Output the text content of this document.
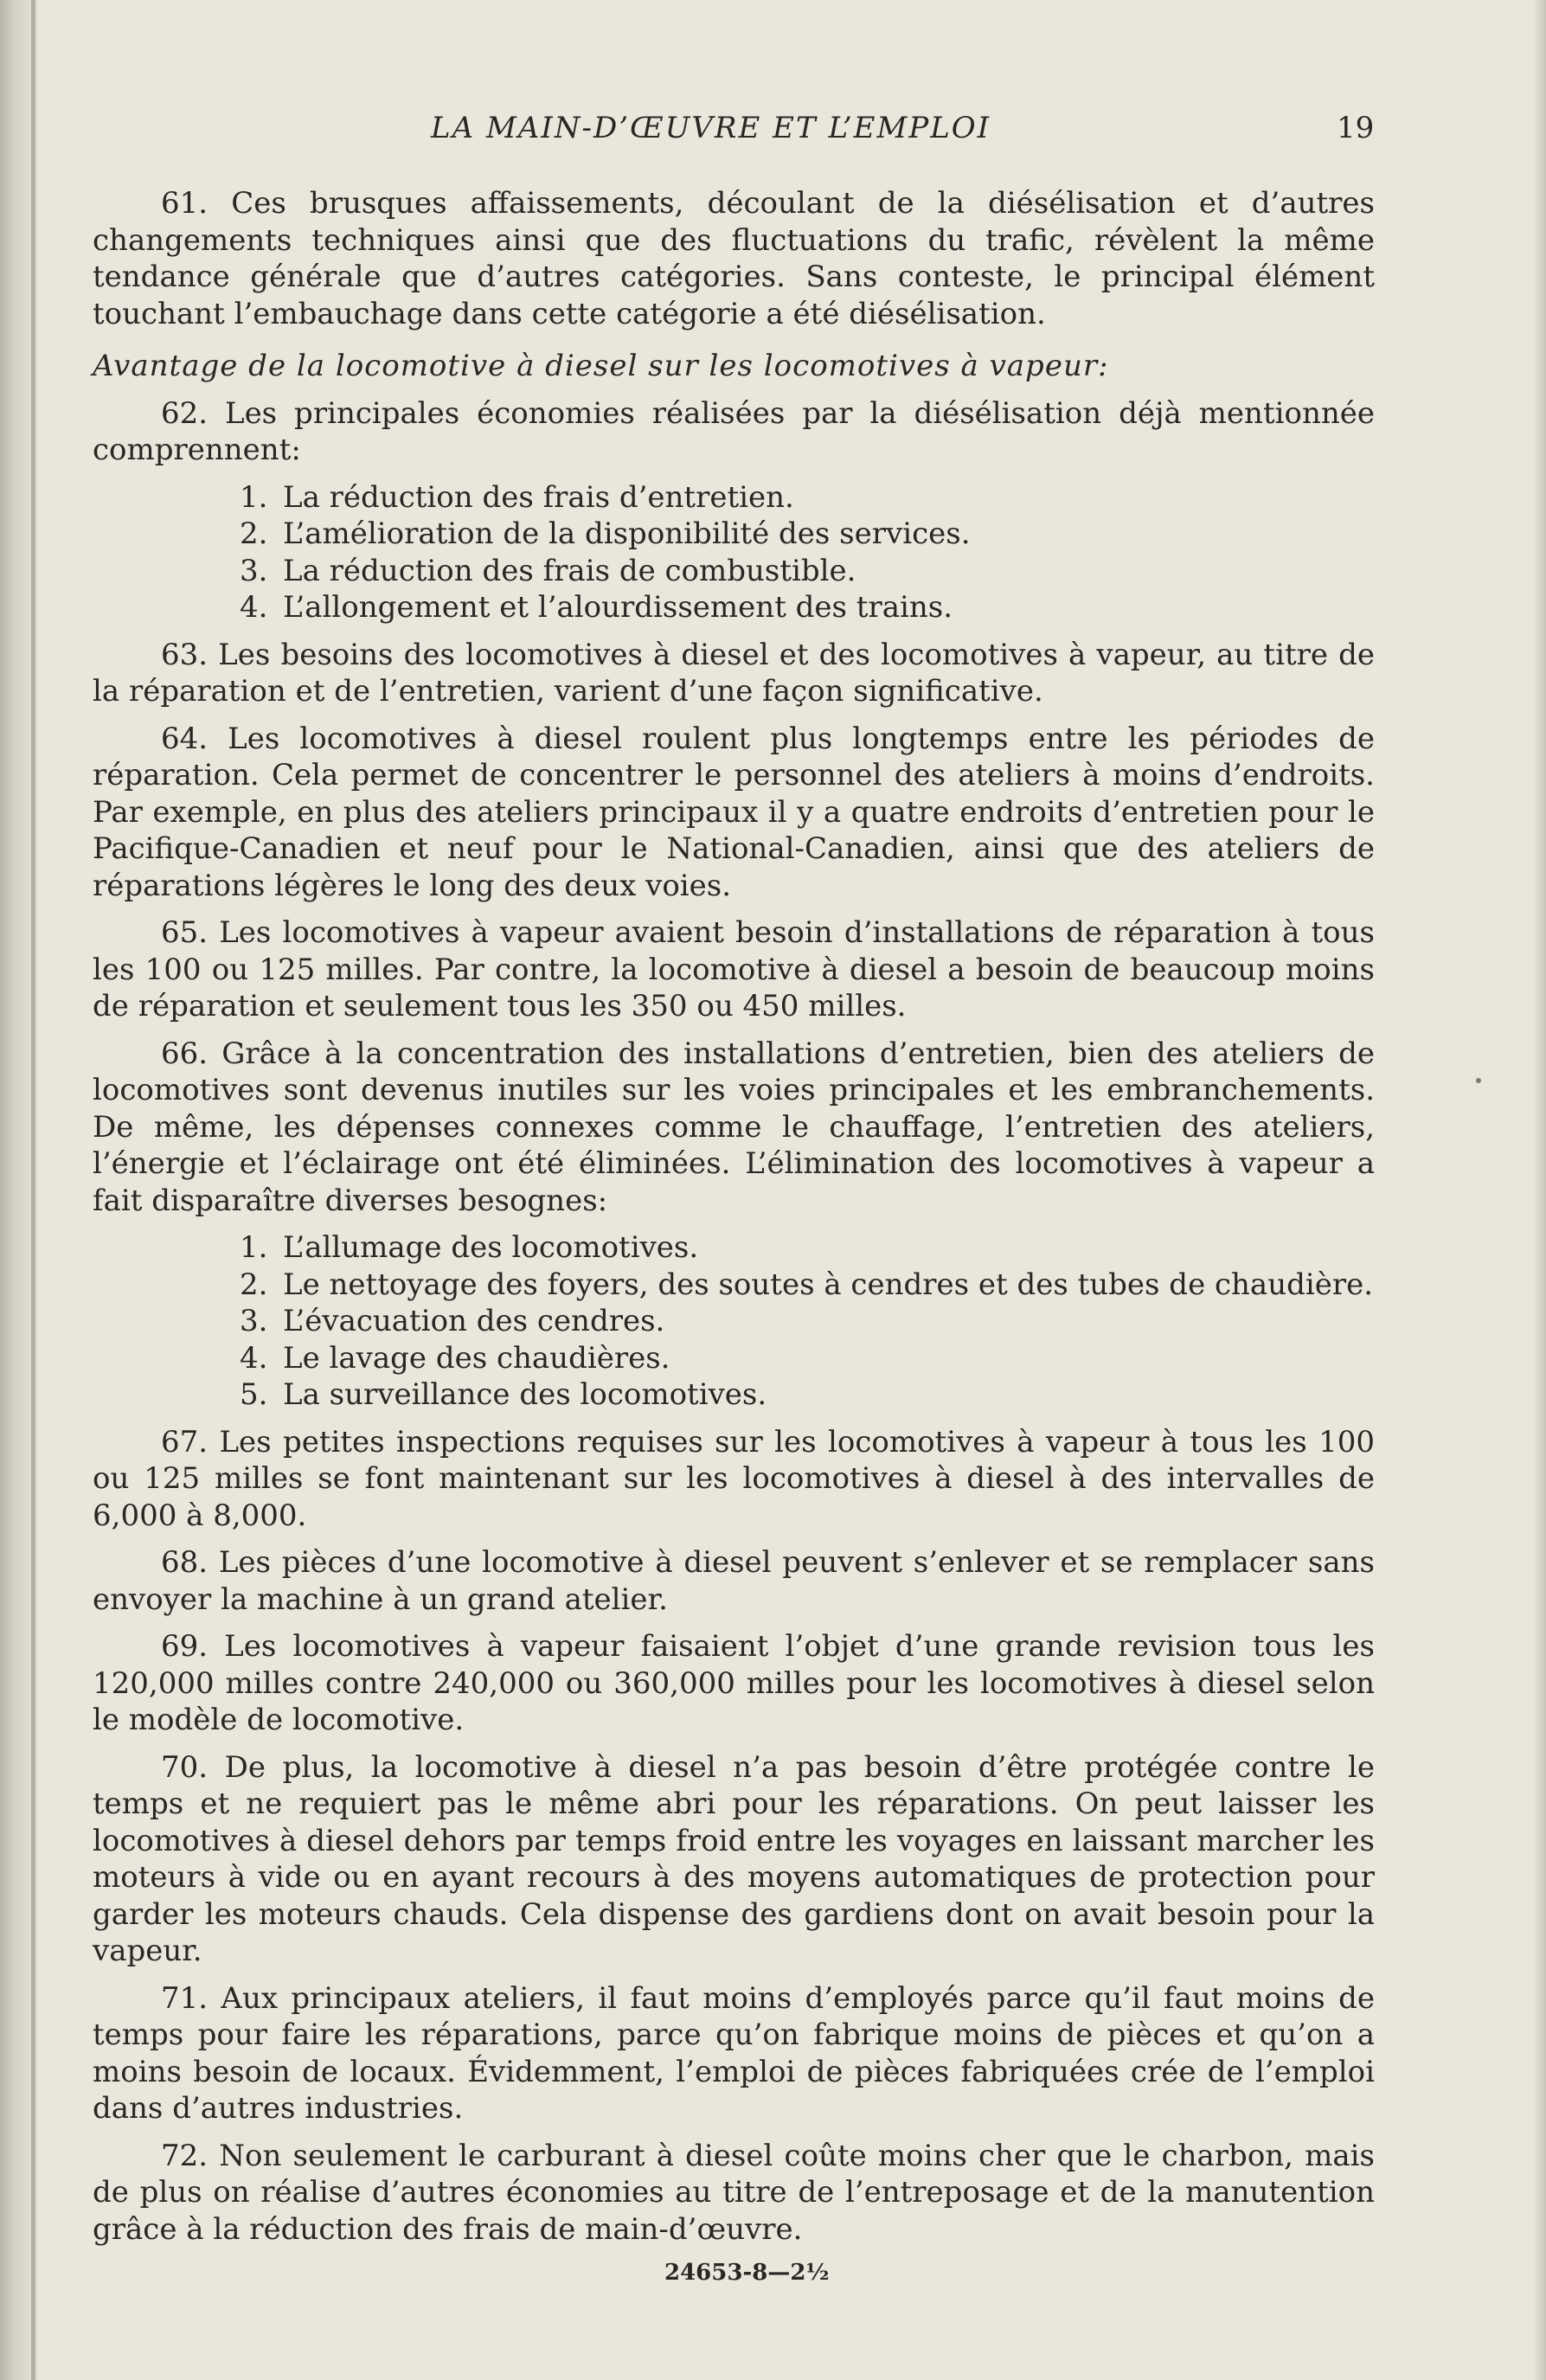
LA MAIN-D’ŒUVRE ET L’EMPLOI	19

61. Ces brusques affaissements, découlant de la diésélisation et d’autres changements techniques ainsi que des fluctuations du trafic, révèlent la même tendance générale que d’autres catégories. Sans conteste, le principal élément touchant l’embauchage dans cette catégorie a été diésélisation.

Avantage de la locomotive à diesel sur les locomotives à vapeur:

62. Les principales économies réalisées par la diésélisation déjà mentionnée comprennent:

1. La réduction des frais d’entretien.
2. L’amélioration de la disponibilité des services.
3. La réduction des frais de combustible.
4. L’allongement et l’alourdissement des trains.

63. Les besoins des locomotives à diesel et des locomotives à vapeur, au titre de la réparation et de l’entretien, varient d’une façon significative.

64. Les locomotives à diesel roulent plus longtemps entre les périodes de réparation. Cela permet de concentrer le personnel des ateliers à moins d’endroits. Par exemple, en plus des ateliers principaux il y a quatre endroits d’entretien pour le Pacifique-Canadien et neuf pour le National-Canadien, ainsi que des ateliers de réparations légères le long des deux voies.

65. Les locomotives à vapeur avaient besoin d’installations de réparation à tous les 100 ou 125 milles. Par contre, la locomotive à diesel a besoin de beaucoup moins de réparation et seulement tous les 350 ou 450 milles.

66. Grâce à la concentration des installations d’entretien, bien des ateliers de locomotives sont devenus inutiles sur les voies principales et les embranchements. De même, les dépenses connexes comme le chauffage, l’entretien des ateliers, l’énergie et l’éclairage ont été éliminées. L’élimination des locomotives à vapeur a fait disparaître diverses besognes:

1. L’allumage des locomotives.
2. Le nettoyage des foyers, des soutes à cendres et des tubes de chaudière.
3. L’évacuation des cendres.
4. Le lavage des chaudières.
5. La surveillance des locomotives.

67. Les petites inspections requises sur les locomotives à vapeur à tous les 100 ou 125 milles se font maintenant sur les locomotives à diesel à des intervalles de 6,000 à 8,000.

68. Les pièces d’une locomotive à diesel peuvent s’enlever et se remplacer sans envoyer la machine à un grand atelier.

69. Les locomotives à vapeur faisaient l’objet d’une grande revision tous les 120,000 milles contre 240,000 ou 360,000 milles pour les locomotives à diesel selon le modèle de locomotive.

70. De plus, la locomotive à diesel n’a pas besoin d’être protégée contre le temps et ne requiert pas le même abri pour les réparations. On peut laisser les locomotives à diesel dehors par temps froid entre les voyages en laissant marcher les moteurs à vide ou en ayant recours à des moyens automatiques de protection pour garder les moteurs chauds. Cela dispense des gardiens dont on avait besoin pour la vapeur.

71. Aux principaux ateliers, il faut moins d’employés parce qu’il faut moins de temps pour faire les réparations, parce qu’on fabrique moins de pièces et qu’on a moins besoin de locaux. Évidemment, l’emploi de pièces fabriquées crée de l’emploi dans d’autres industries.

72. Non seulement le carburant à diesel coûte moins cher que le charbon, mais de plus on réalise d’autres économies au titre de l’entreposage et de la manutention grâce à la réduction des frais de main-d’œuvre.

24653-8—2½
